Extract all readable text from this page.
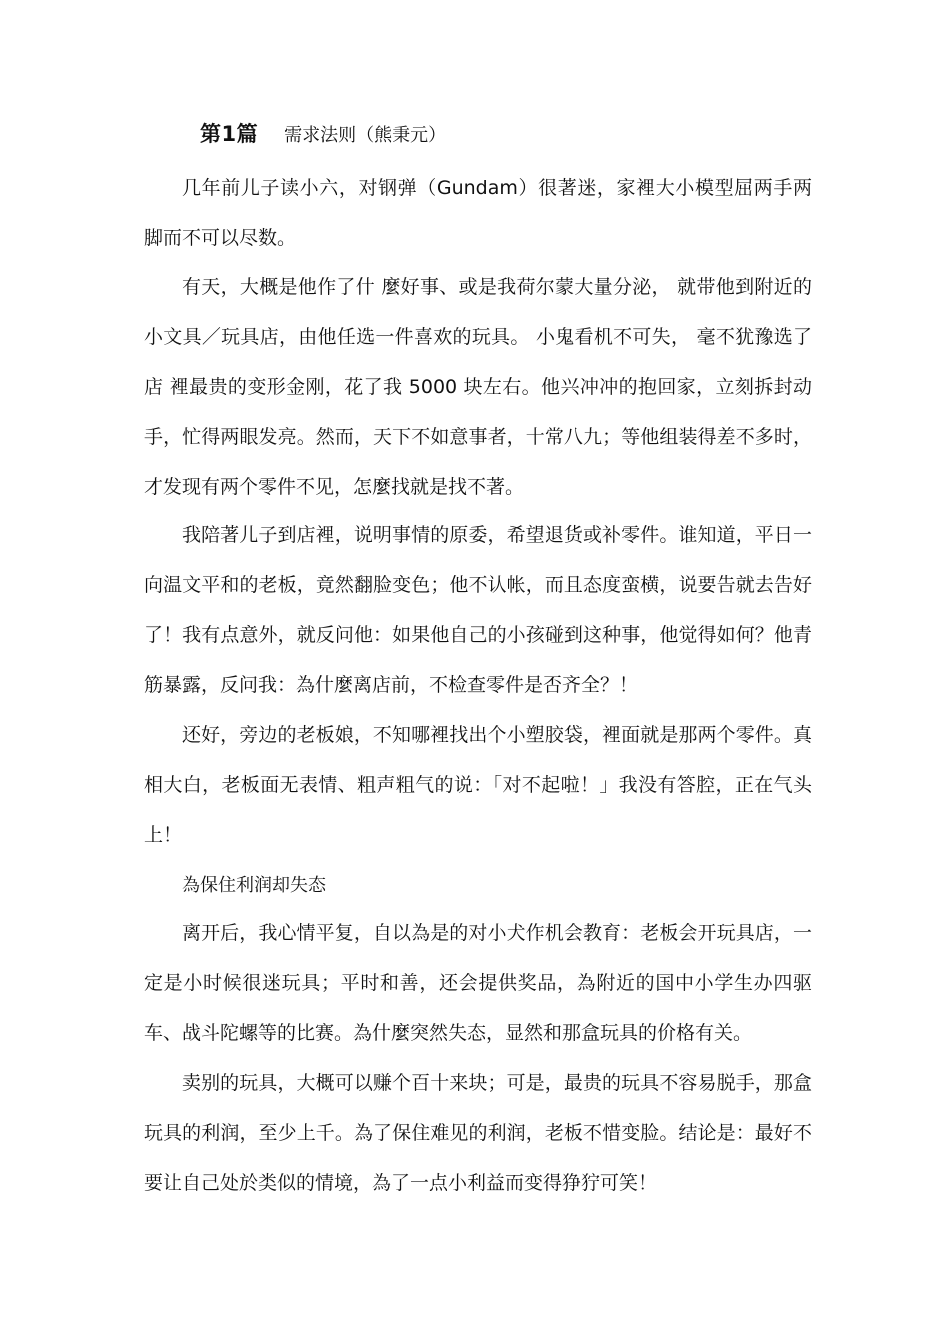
第1篇 需求法则（熊秉元）

几年前儿子读小六，对钢弹（Gundam）很著迷，家裡大小模型屈两手两脚而不可以尽数。

有天，大概是他作了什 麼好事、或是我荷尔蒙大量分泌， 就带他到附近的小文具／玩具店，由他任选一件喜欢的玩具。 小鬼看机不可失， 毫不犹豫选了店 裡最贵的变形金刚，花了我 5000 块左右。他兴冲冲的抱回家，立刻拆封动手，忙得两眼发亮。然而，天下不如意事者，十常八九；等他组装得差不多时，才发现有两个零件不见，怎麼找就是找不著。

我陪著儿子到店裡，说明事情的原委，希望退货或补零件。谁知道，平日一向温文平和的老板，竟然翻脸变色；他不认帐，而且态度蛮横，说要告就去告好了！我有点意外，就反问他：如果他自己的小孩碰到这种事，他觉得如何？他青筋暴露，反问我：為什麼离店前，不检查零件是否齐全？！

还好，旁边的老板娘，不知哪裡找出个小塑胶袋，裡面就是那两个零件。真相大白，老板面无表情、粗声粗气的说：「对不起啦！」我没有答腔，正在气头上！

為保住利润却失态

离开后，我心情平复，自以為是的对小犬作机会教育：老板会开玩具店，一定是小时候很迷玩具；平时和善，还会提供奖品，為附近的国中小学生办四驱车、战斗陀螺等的比赛。為什麼突然失态，显然和那盒玩具的价格有关。

卖别的玩具，大概可以赚个百十来块；可是，最贵的玩具不容易脱手，那盒玩具的利润，至少上千。為了保住难见的利润，老板不惜变脸。结论是：最好不要让自己处於类似的情境，為了一点小利益而变得狰狞可笑！
